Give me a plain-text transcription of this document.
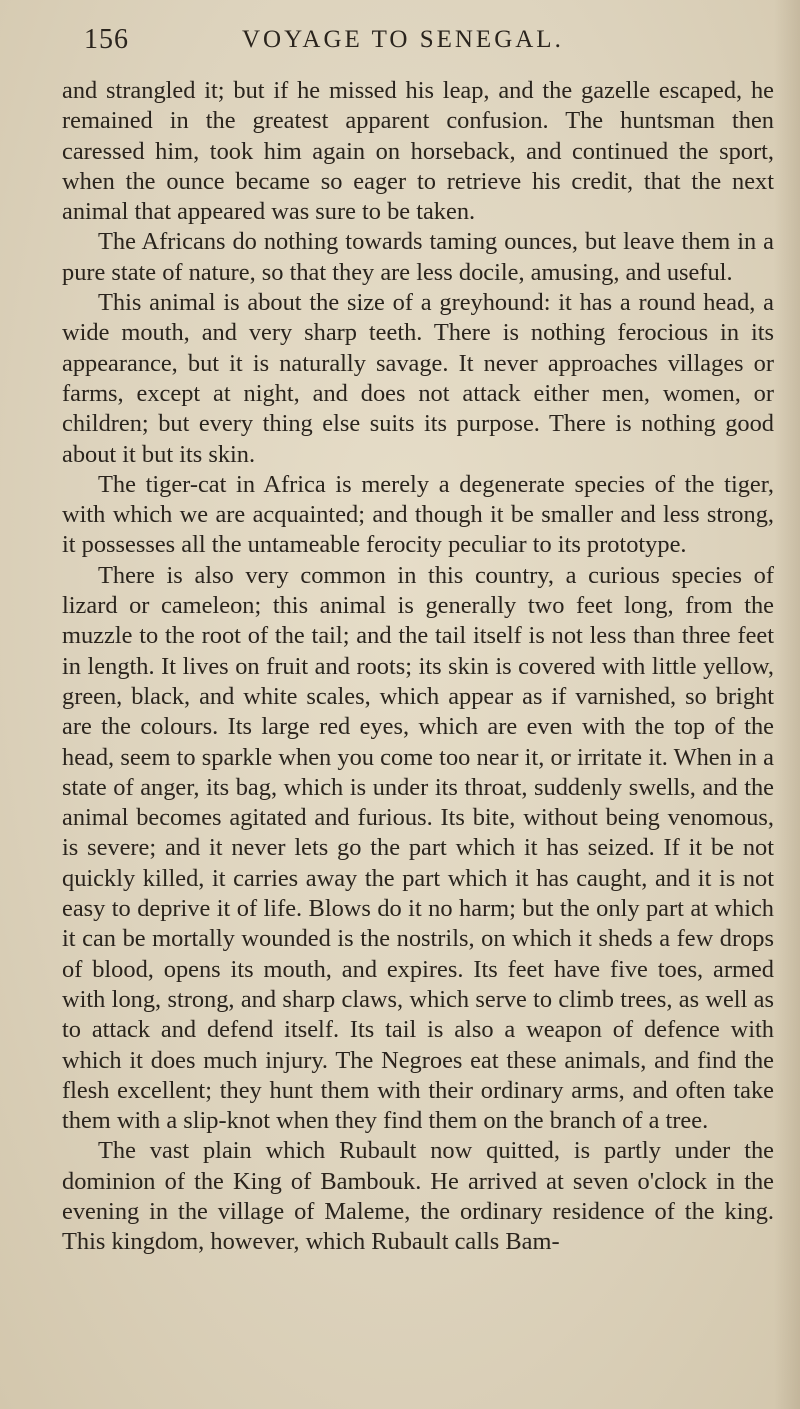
156	VOYAGE TO SENEGAL.

and strangled it; but if he missed his leap, and the gazelle escaped, he remained in the greatest apparent confusion. The huntsman then caressed him, took him again on horseback, and continued the sport, when the ounce became so eager to retrieve his credit, that the next animal that appeared was sure to be taken.

The Africans do nothing towards taming ounces, but leave them in a pure state of nature, so that they are less docile, amusing, and useful.

This animal is about the size of a greyhound: it has a round head, a wide mouth, and very sharp teeth. There is nothing ferocious in its appearance, but it is naturally savage. It never approaches villages or farms, except at night, and does not attack either men, women, or children; but every thing else suits its purpose. There is nothing good about it but its skin.

The tiger-cat in Africa is merely a degenerate species of the tiger, with which we are acquainted; and though it be smaller and less strong, it possesses all the untameable ferocity peculiar to its prototype.

There is also very common in this country, a curious species of lizard or cameleon; this animal is generally two feet long, from the muzzle to the root of the tail; and the tail itself is not less than three feet in length. It lives on fruit and roots; its skin is covered with little yellow, green, black, and white scales, which appear as if varnished, so bright are the colours. Its large red eyes, which are even with the top of the head, seem to sparkle when you come too near it, or irritate it. When in a state of anger, its bag, which is under its throat, suddenly swells, and the animal becomes agitated and furious. Its bite, without being venomous, is severe; and it never lets go the part which it has seized. If it be not quickly killed, it carries away the part which it has caught, and it is not easy to deprive it of life. Blows do it no harm; but the only part at which it can be mortally wounded is the nostrils, on which it sheds a few drops of blood, opens its mouth, and expires. Its feet have five toes, armed with long, strong, and sharp claws, which serve to climb trees, as well as to attack and defend itself. Its tail is also a weapon of defence with which it does much injury. The Negroes eat these animals, and find the flesh excellent; they hunt them with their ordinary arms, and often take them with a slip-knot when they find them on the branch of a tree.

The vast plain which Rubault now quitted, is partly under the dominion of the King of Bambouk. He arrived at seven o'clock in the evening in the village of Maleme, the ordinary residence of the king. This kingdom, however, which Rubault calls Bam-
